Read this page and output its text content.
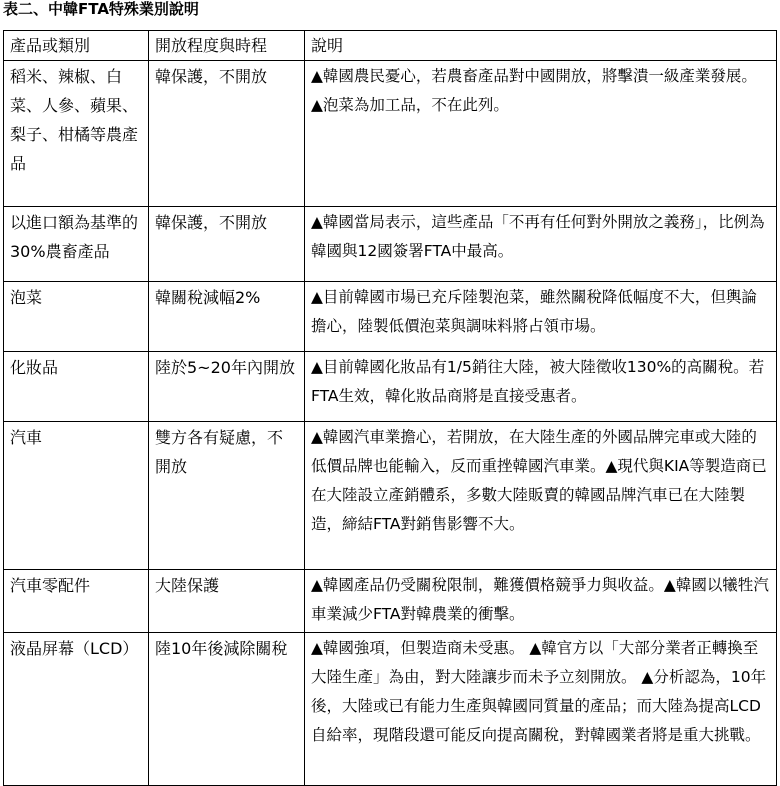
表二、中韓FTA特殊業別說明
產品或類別	開放程度與時程	說明
稻米、辣椒、白菜、人參、蘋果、梨子、柑橘等農產品	韓保護，不開放	▲韓國農民憂心，若農畜產品對中國開放，將擊潰一級產業發展。 ▲泡菜為加工品，不在此列。
以進口額為基準的30%農畜產品	韓保護，不開放	▲韓國當局表示，這些產品「不再有任何對外開放之義務」，比例為韓國與12國簽署FTA中最高。
泡菜	韓關稅減幅2%	▲目前韓國市場已充斥陸製泡菜，雖然關稅降低幅度不大，但輿論擔心，陸製低價泡菜與調味料將占領市場。
化妝品	陸於5~20年內開放	▲目前韓國化妝品有1/5銷往大陸，被大陸徵收130%的高關稅。若FTA生效，韓化妝品商將是直接受惠者。
汽車	雙方各有疑慮，不開放	▲韓國汽車業擔心，若開放，在大陸生產的外國品牌完車或大陸的低價品牌也能輸入，反而重挫韓國汽車業。▲現代與KIA等製造商已在大陸設立產銷體系，多數大陸販賣的韓國品牌汽車已在大陸製造，締結FTA對銷售影響不大。
汽車零配件	大陸保護	▲韓國產品仍受關稅限制，難獲價格競爭力與收益。▲韓國以犧牲汽車業減少FTA對韓農業的衝擊。
液晶屏幕（LCD）	陸10年後減除關稅	▲韓國強項，但製造商未受惠。 ▲韓官方以「大部分業者正轉換至大陸生產」為由，對大陸讓步而未予立刻開放。 ▲分析認為，10年後，大陸或已有能力生產與韓國同質量的產品；而大陸為提高LCD自給率，現階段還可能反向提高關稅，對韓國業者將是重大挑戰。
